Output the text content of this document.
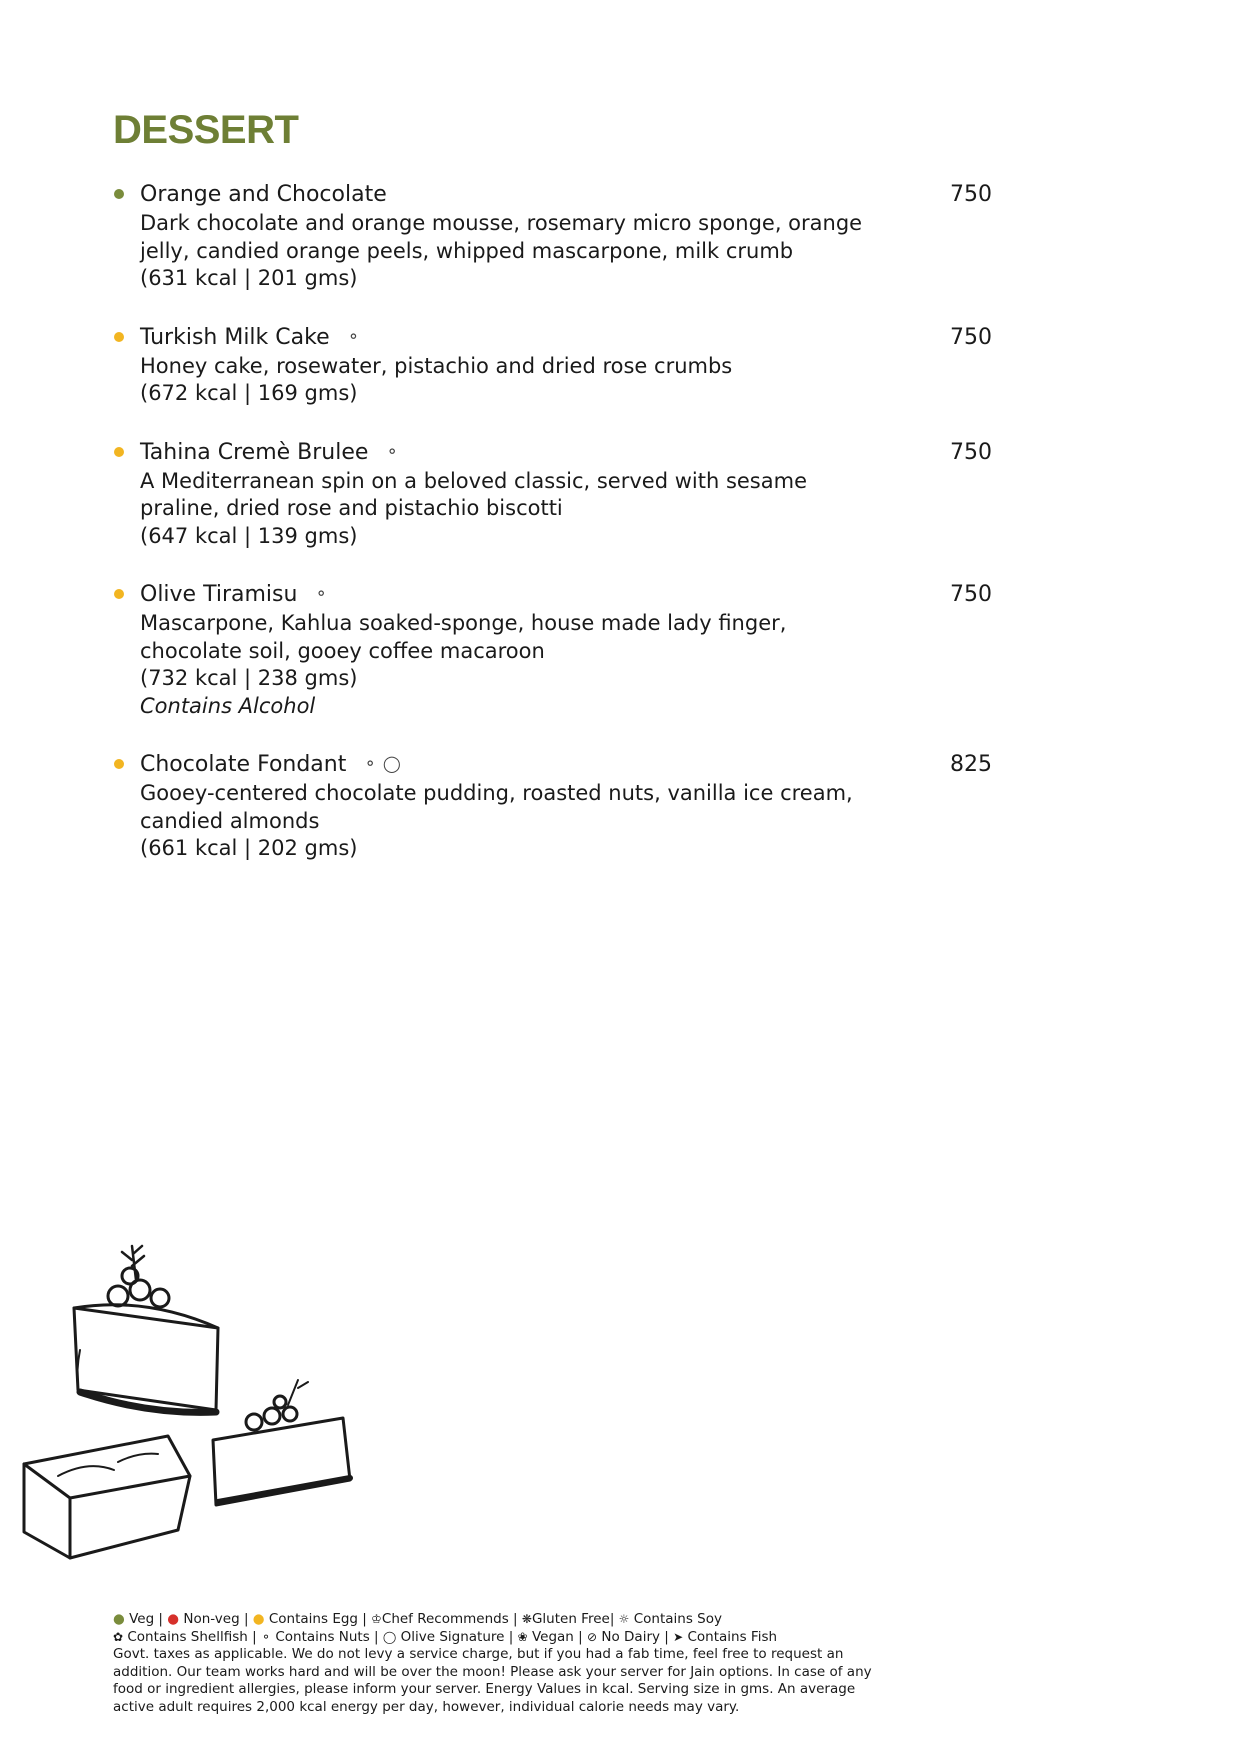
DESSERT
Orange and Chocolate	750
Dark chocolate and orange mousse, rosemary micro sponge, orange jelly, candied orange peels, whipped mascarpone, milk crumb
(631 kcal | 201 gms)
Turkish Milk Cake ⚬	750
Honey cake, rosewater, pistachio and dried rose crumbs
(672 kcal | 169 gms)
Tahina Cremè Brulee ⚬	750
A Mediterranean spin on a beloved classic, served with sesame praline, dried rose and pistachio biscotti
(647 kcal | 139 gms)
Olive Tiramisu ⚬	750
Mascarpone, Kahlua soaked-sponge, house made lady finger, chocolate soil, gooey coffee macaroon
(732 kcal | 238 gms)
Contains Alcohol
Chocolate Fondant ⚬ ◯	825
Gooey-centered chocolate pudding, roasted nuts, vanilla ice cream, candied almonds
(661 kcal | 202 gms)
● Veg | ● Non-veg | ● Contains Egg | ♔Chef Recommends | ❋Gluten Free| ☼ Contains Soy
✿ Contains Shellfish | ⚬ Contains Nuts | ◯ Olive Signature | ❀ Vegan | ⊘ No Dairy | ➤ Contains Fish
Govt. taxes as applicable. We do not levy a service charge, but if you had a fab time, feel free to request an addition. Our team works hard and will be over the moon! Please ask your server for Jain options. In case of any food or ingredient allergies, please inform your server. Energy Values in kcal. Serving size in gms. An average active adult requires 2,000 kcal energy per day, however, individual calorie needs may vary.
